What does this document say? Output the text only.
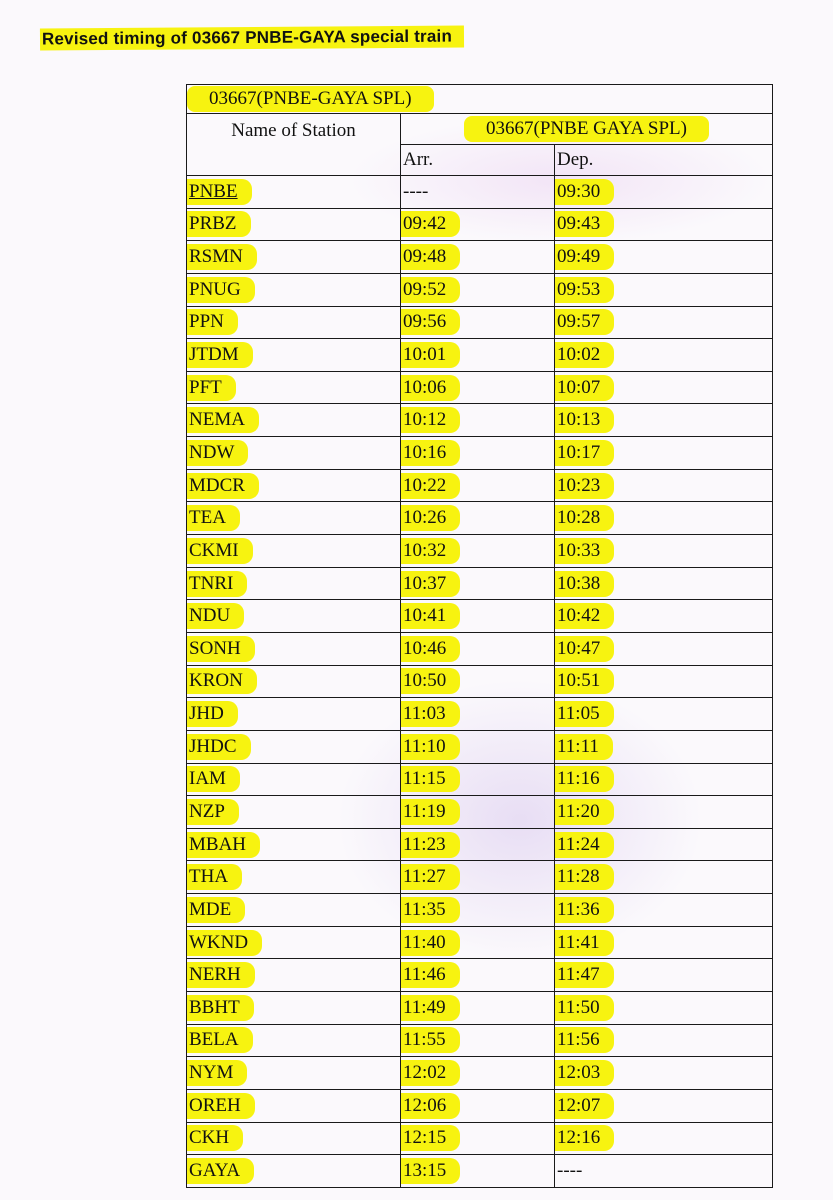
Revised timing of 03667 PNBE-GAYA special train
03667(PNBE-GAYA SPL)		
Name of Station	03667(PNBE GAYA SPL)	
	Arr.	Dep.
PNBE	----	09:30
PRBZ	09:42	09:43
RSMN	09:48	09:49
PNUG	09:52	09:53
PPN	09:56	09:57
JTDM	10:01	10:02
PFT	10:06	10:07
NEMA	10:12	10:13
NDW	10:16	10:17
MDCR	10:22	10:23
TEA	10:26	10:28
CKMI	10:32	10:33
TNRI	10:37	10:38
NDU	10:41	10:42
SONH	10:46	10:47
KRON	10:50	10:51
JHD	11:03	11:05
JHDC	11:10	11:11
IAM	11:15	11:16
NZP	11:19	11:20
MBAH	11:23	11:24
THA	11:27	11:28
MDE	11:35	11:36
WKND	11:40	11:41
NERH	11:46	11:47
BBHT	11:49	11:50
BELA	11:55	11:56
NYM	12:02	12:03
OREH	12:06	12:07
CKH	12:15	12:16
GAYA	13:15	----
